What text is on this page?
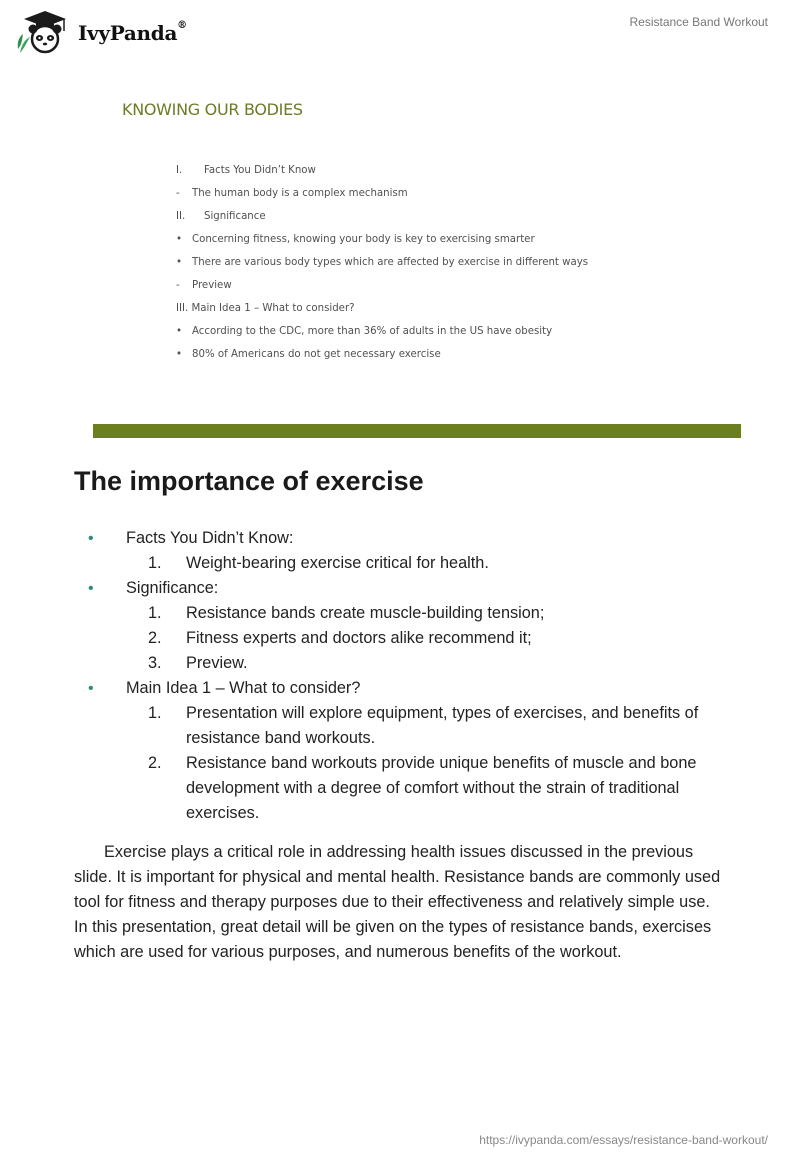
IvyPanda®	Resistance Band Workout
KNOWING OUR BODIES
I. Facts You Didn’t Know
- The human body is a complex mechanism
II. Significance
• Concerning fitness, knowing your body is key to exercising smarter
• There are various body types which are affected by exercise in different ways
- Preview
III. Main Idea 1 – What to consider?
• According to the CDC, more than 36% of adults in the US have obesity
• 80% of Americans do not get necessary exercise
The importance of exercise
• Facts You Didn’t Know:
1. Weight-bearing exercise critical for health.
• Significance:
1. Resistance bands create muscle-building tension;
2. Fitness experts and doctors alike recommend it;
3. Preview.
• Main Idea 1 – What to consider?
1. Presentation will explore equipment, types of exercises, and benefits of resistance band workouts.
2. Resistance band workouts provide unique benefits of muscle and bone development with a degree of comfort without the strain of traditional exercises.

Exercise plays a critical role in addressing health issues discussed in the previous slide. It is important for physical and mental health. Resistance bands are commonly used tool for fitness and therapy purposes due to their effectiveness and relatively simple use. In this presentation, great detail will be given on the types of resistance bands, exercises which are used for various purposes, and numerous benefits of the workout.

https://ivypanda.com/essays/resistance-band-workout/
